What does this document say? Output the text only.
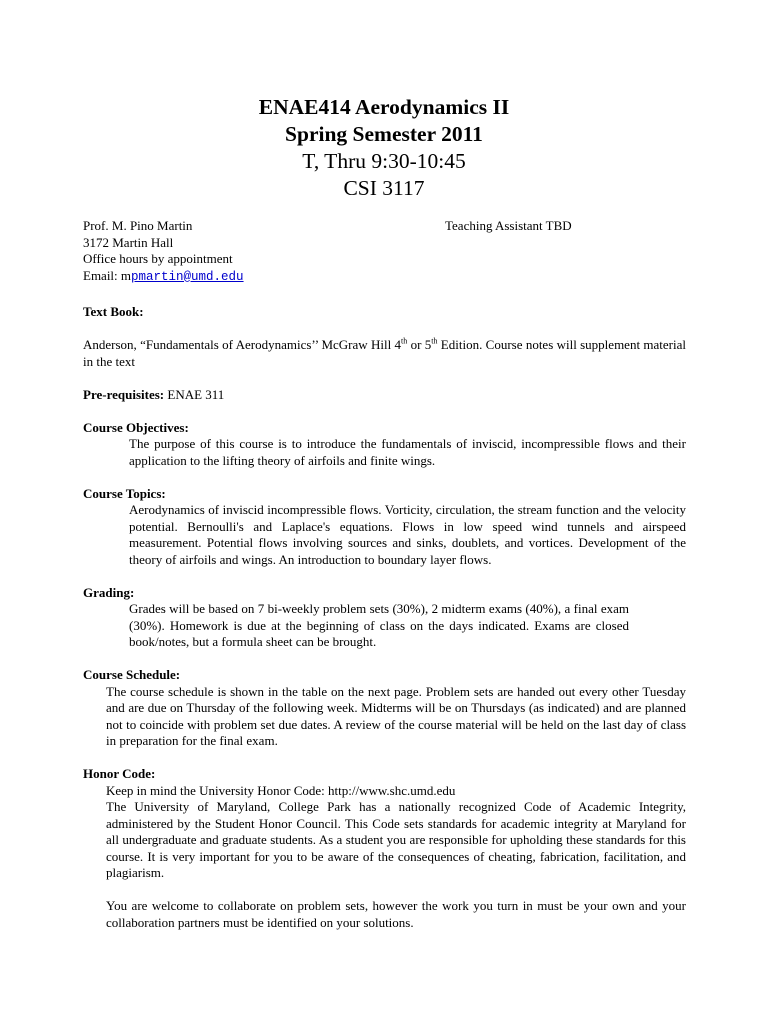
ENAE414 Aerodynamics II
Spring Semester 2011
T, Thru 9:30-10:45
CSI 3117
Prof. M. Pino Martin
3172 Martin Hall
Office hours by appointment
Email: mpmartin@umd.edu
Teaching Assistant TBD

Text Book:

Anderson, “Fundamentals of Aerodynamics’’ McGraw Hill 4th or 5th Edition. Course notes will supplement material in the text

Pre-requisites: ENAE 311

Course Objectives:

The purpose of this course is to introduce the fundamentals of inviscid, incompressible flows and their application to the lifting theory of airfoils and finite wings.

Course Topics:

Aerodynamics of inviscid incompressible flows. Vorticity, circulation, the stream function and the velocity potential. Bernoulli's and Laplace's equations. Flows in low speed wind tunnels and airspeed measurement. Potential flows involving sources and sinks, doublets, and vortices. Development of the theory of airfoils and wings. An introduction to boundary layer flows.

Grading:

Grades will be based on 7 bi-weekly problem sets (30%), 2 midterm exams (40%), a final exam (30%). Homework is due at the beginning of class on the days indicated. Exams are closed book/notes, but a formula sheet can be brought.

Course Schedule:

The course schedule is shown in the table on the next page. Problem sets are handed out every other Tuesday and are due on Thursday of the following week. Midterms will be on Thursdays (as indicated) and are planned not to coincide with problem set due dates. A review of the course material will be held on the last day of class in preparation for the final exam.

Honor Code:

Keep in mind the University Honor Code: http://www.shc.umd.edu

The University of Maryland, College Park has a nationally recognized Code of Academic Integrity, administered by the Student Honor Council. This Code sets standards for academic integrity at Maryland for all undergraduate and graduate students. As a student you are responsible for upholding these standards for this course. It is very important for you to be aware of the consequences of cheating, fabrication, facilitation, and plagiarism.

You are welcome to collaborate on problem sets, however the work you turn in must be your own and your collaboration partners must be identified on your solutions.
